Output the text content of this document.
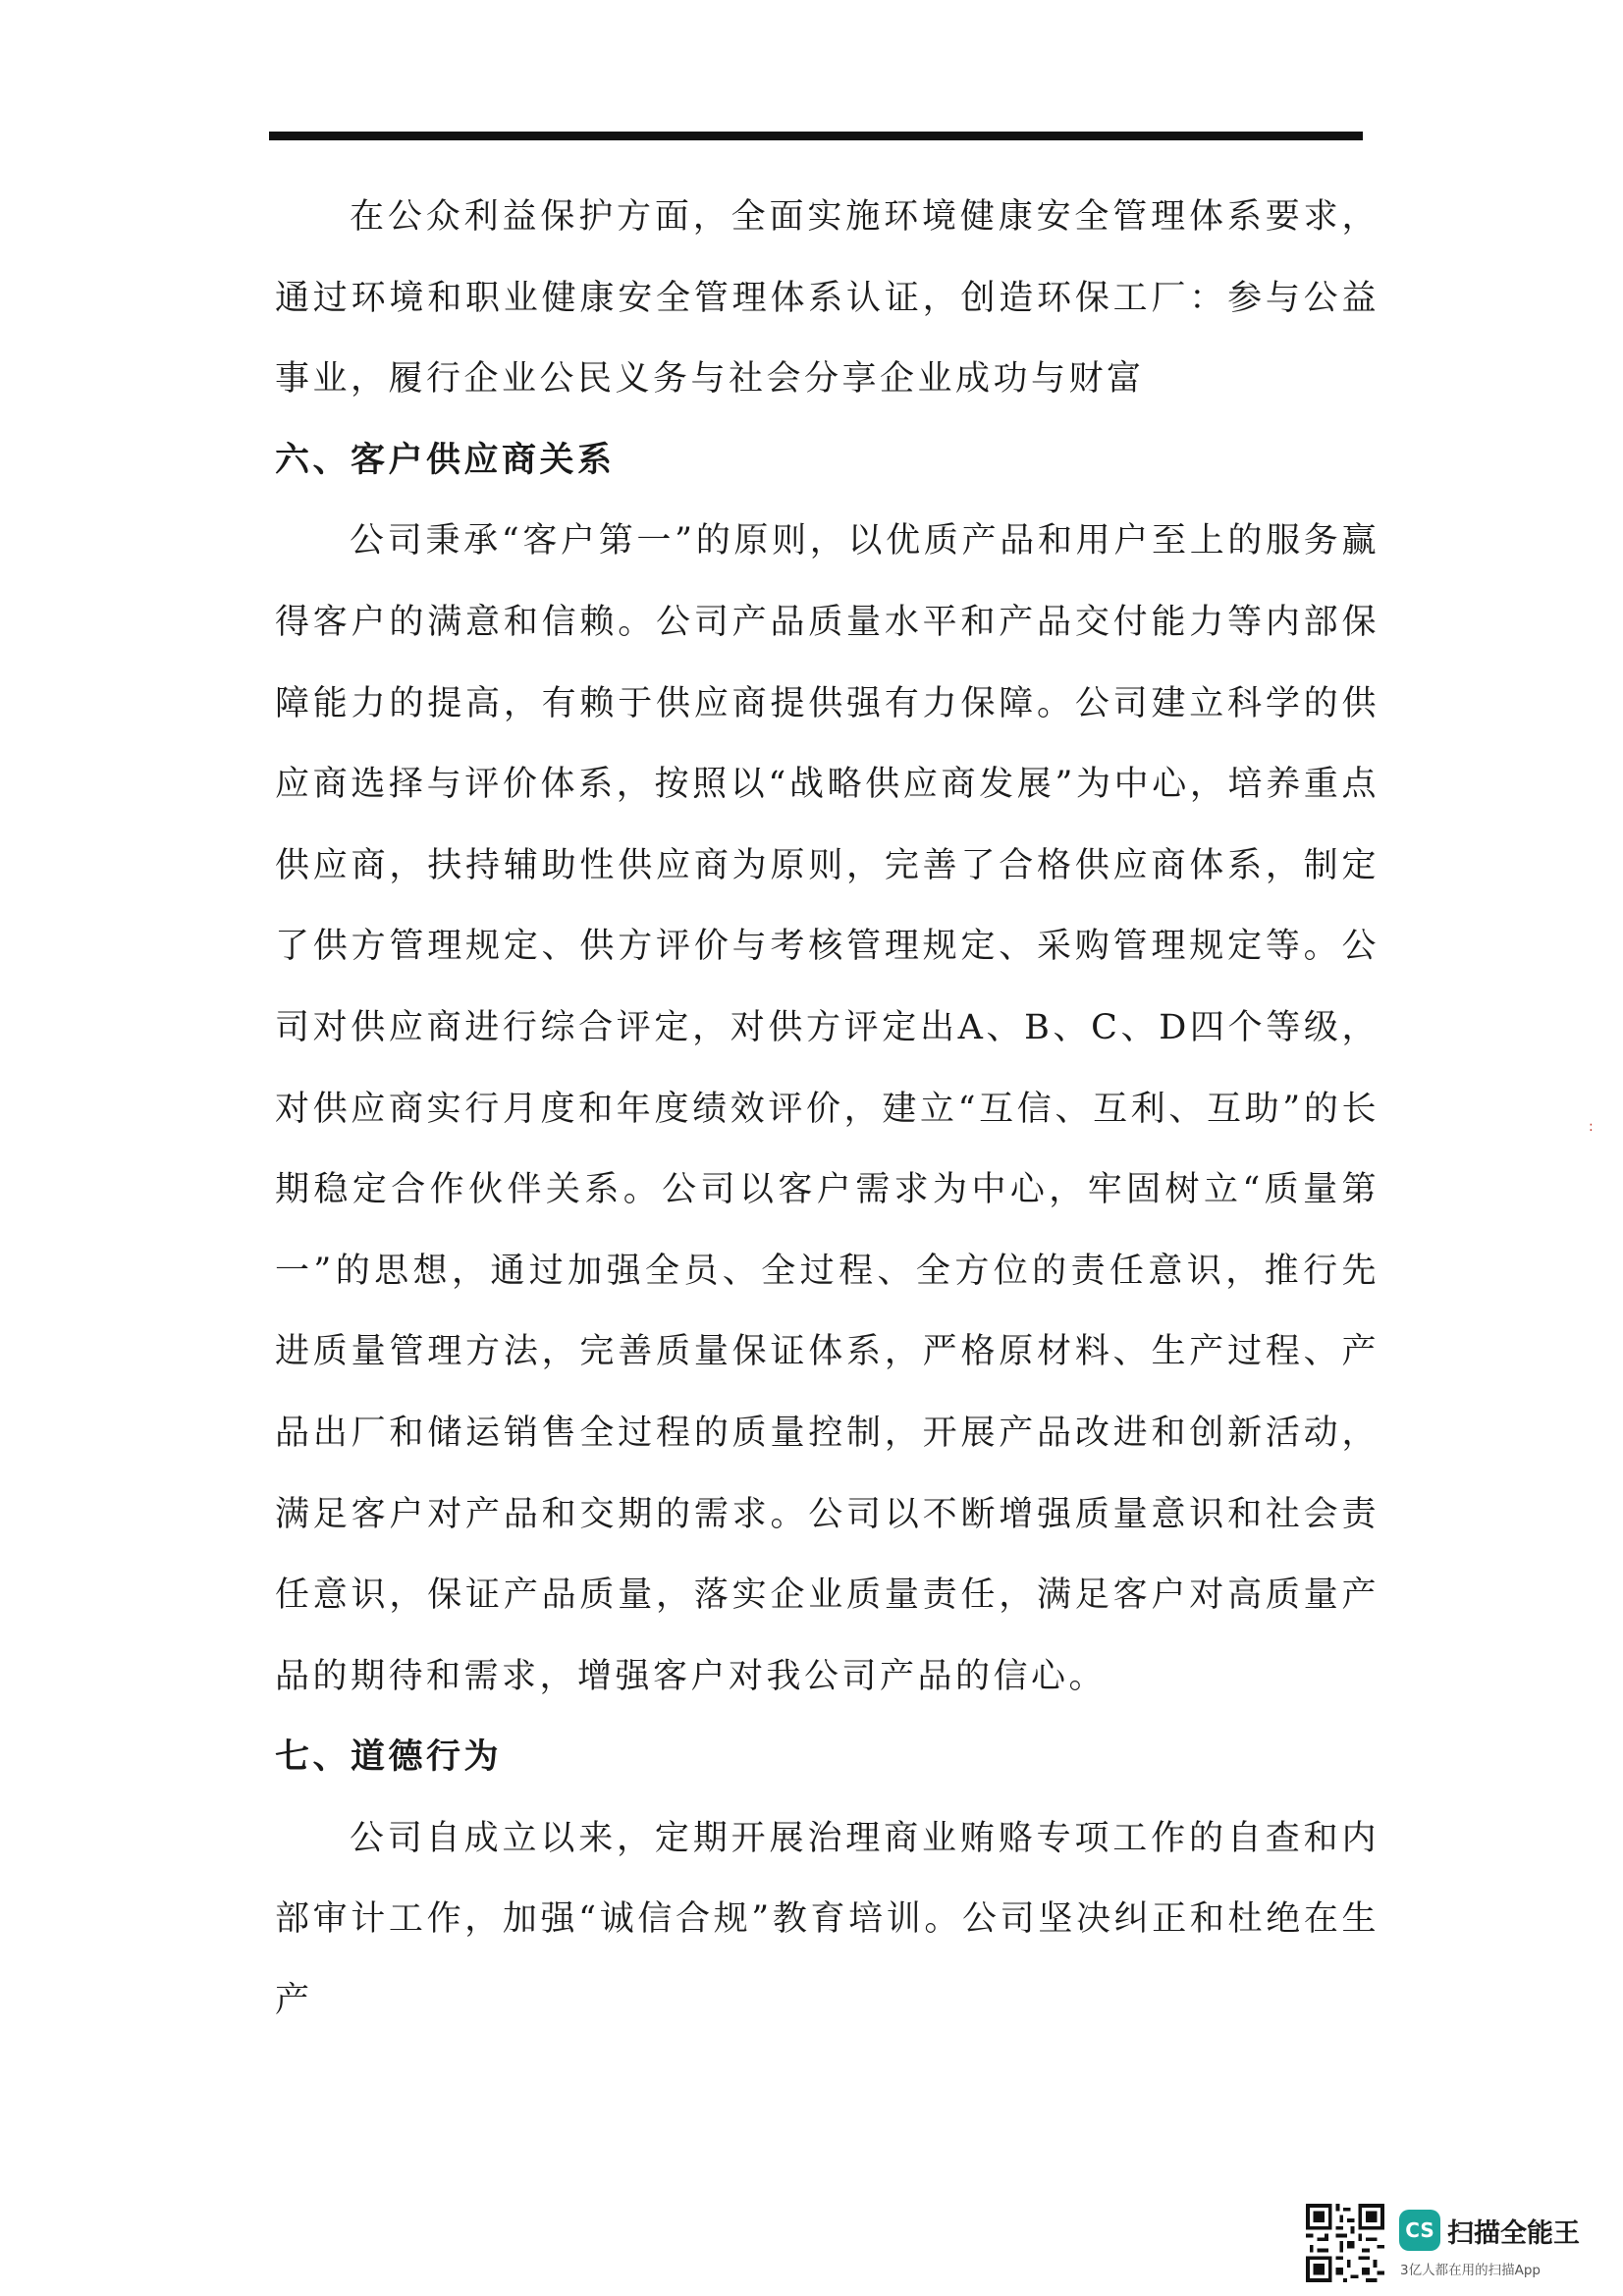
在公众利益保护方面，全面实施环境健康安全管理体系要求，通过环境和职业健康安全管理体系认证，创造环保工厂：参与公益事业，履行企业公民义务与社会分享企业成功与财富

六、客户供应商关系

公司秉承“客户第一”的原则，以优质产品和用户至上的服务赢得客户的满意和信赖。公司产品质量水平和产品交付能力等内部保障能力的提高，有赖于供应商提供强有力保障。公司建立科学的供应商选择与评价体系，按照以“战略供应商发展”为中心，培养重点供应商，扶持辅助性供应商为原则，完善了合格供应商体系，制定了供方管理规定、供方评价与考核管理规定、采购管理规定等。公司对供应商进行综合评定，对供方评定出A、B、C、D四个等级，对供应商实行月度和年度绩效评价，建立“互信、互利、互助”的长期稳定合作伙伴关系。公司以客户需求为中心，牢固树立“质量第一”的思想，通过加强全员、全过程、全方位的责任意识，推行先进质量管理方法，完善质量保证体系，严格原材料、生产过程、产品出厂和储运销售全过程的质量控制，开展产品改进和创新活动，满足客户对产品和交期的需求。公司以不断增强质量意识和社会责任意识，保证产品质量，落实企业质量责任，满足客户对高质量产品的期待和需求，增强客户对我公司产品的信心。

七、道德行为

公司自成立以来，定期开展治理商业贿赂专项工作的自查和内部审计工作，加强“诚信合规”教育培训。公司坚决纠正和杜绝在生产

:
CS 扫描全能王
3亿人都在用的扫描App
